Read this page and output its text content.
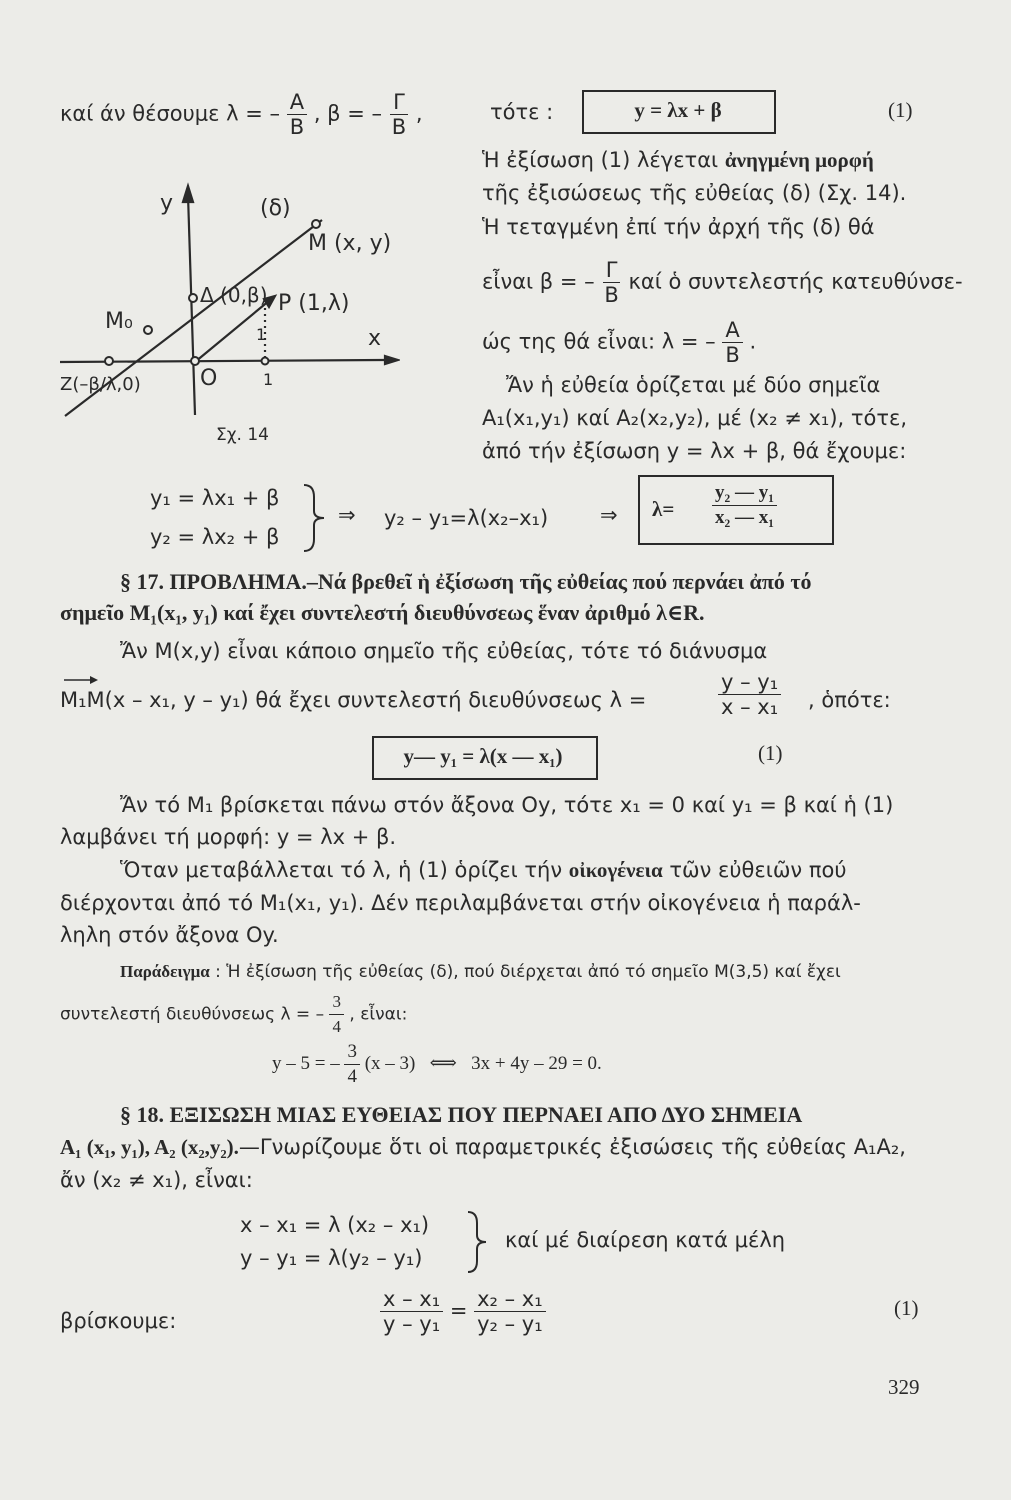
καί άν θέσουμε λ = – $\frac{A}{B}$ , β = – $\frac{\Gamma}{B}$ ,	τότε :	y = λx + β	(1)
Ἡ ἐξίσωση (1) λέγεται ἀνηγμένη μορφή
τῆς ἐξισώσεως τῆς εὐθείας (δ) (Σχ. 14).
Ἡ τεταγμένη ἐπί τήν ἀρχή τῆς (δ) θά
εἶναι β = – $\frac{\Gamma}{B}$ καί ὁ συντελεστής κατευθύνσε-
ώς της θά εἶναι: λ = – $\frac{A}{B}$ .
Ἄν ἡ εὐθεία ὁρίζεται μέ δύο σημεῖα
A₁(x₁,y₁) καί A₂(x₂,y₂), μέ (x₂ ≠ x₁), τότε,
ἀπό τήν ἐξίσωση y = λx + β, θά ἔχουμε:
y
x
(δ)
M (x, y)
Δ (0,β) P (1,λ)
M₀
Z(–β/λ,0)	O	1
1
Σχ. 14
y₁ = λx₁ + β
y₂ = λx₂ + β
⇒ y₂ – y₁=λ(x₂–x₁) ⇒ $\lambda= \frac{\text{y₂ — y₁}}{\text{x₂ — x₁}}$
§ 17. ΠΡΟΒΛΗΜΑ.–Νά βρεθεῖ ἡ ἐξίσωση τῆς εὐθείας πού περνάει ἀπό τό
σημεῖο M₁(x₁, y₁) καί ἔχει συντελεστή διευθύνσεως ἕναν ἀριθμό λ∈R.
Ἄν M(x,y) εἶναι κάποιο σημεῖο τῆς εὐθείας, τότε τό διάνυσμα
M₁M(x – x₁, y – y₁) θά ἔχει συντελεστή διευθύνσεως λ =	$\frac{\text{y – y₁}}{\text{x – x₁}}$ , ὁπότε:
y— y₁ = λ(x — x₁)	(1)
Ἄν τό M₁ βρίσκεται πάνω στόν ἄξονα Oy, τότε x₁ = 0 καί y₁ = β καί ἡ (1)
λαμβάνει τή μορφή: y = λx + β.
Ὅταν μεταβάλλεται τό λ, ἡ (1) ὁρίζει τήν οἰκογένεια τῶν εὐθειῶν πού
διέρχονται ἀπό τό M₁(x₁, y₁). Δέν περιλαμβάνεται στήν οἰκογένεια ἡ παράλ-
ληλη στόν ἄξονα Oy.
Παράδειγμα : Ἡ ἐξίσωση τῆς εὐθείας (δ), πού διέρχεται ἀπό τό σημεῖο M(3,5) καί ἔχει
συντελεστή διευθύνσεως λ = – $\frac{3}{4}$ , εἶναι:
y – 5 = – $\frac{3}{4} (x - 3)$ ⟺ 3x + 4y – 29 = 0.
§ 18. ΕΞΙΣΩΣΗ ΜΙΑΣ ΕΥΘΕΙΑΣ ΠΟΥ ΠΕΡΝΑΕΙ ΑΠΟ ΔΥΟ ΣΗΜΕΙΑ
A₁ (x₁, y₁), A₂ (x₂,y₂).—Γνωρίζουμε ὅτι οἱ παραμετρικές ἐξισώσεις τῆς εὐθείας A₁A₂,
ἄν (x₂ ≠ x₁), εἶναι:
x – x₁ = λ (x₂ – x₁)
y – y₁ = λ(y₂ – y₁)
καί μέ διαίρεση κατά μέλη
βρίσκουμε:	$\frac{\text{x – x₁}}{\text{y – y₁}} = \frac{\text{x₂ – x₁}}{\text{y₂ – y₁}}$	(1)
329
